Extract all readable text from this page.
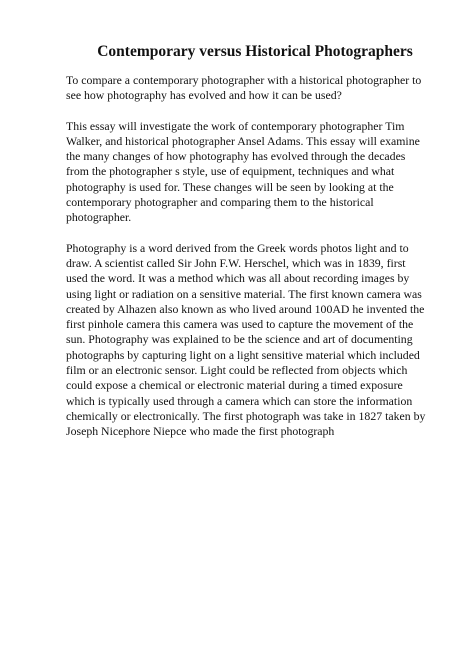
Contemporary versus Historical Photographers

To compare a contemporary photographer with a historical photographer to see how photography has evolved and how it can be used?

This essay will investigate the work of contemporary photographer Tim Walker, and historical photographer Ansel Adams. This essay will examine the many changes of how photography has evolved through the decades from the photographer s style, use of equipment, techniques and what photography is used for. These changes will be seen by looking at the contemporary photographer and comparing them to the historical photographer.

Photography is a word derived from the Greek words photos light and to draw. A scientist called Sir John F.W. Herschel, which was in 1839, first used the word. It was a method which was all about recording images by using light or radiation on a sensitive material. The first known camera was created by Alhazen also known as who lived around 100AD he invented the first pinhole camera this camera was used to capture the movement of the sun. Photography was explained to be the science and art of documenting photographs by capturing light on a light sensitive material which included film or an electronic sensor. Light could be reflected from objects which could expose a chemical or electronic material during a timed exposure which is typically used through a camera which can store the information chemically or electronically. The first photograph was take in 1827 taken by Joseph Nicephore Niepce who made the first photograph
